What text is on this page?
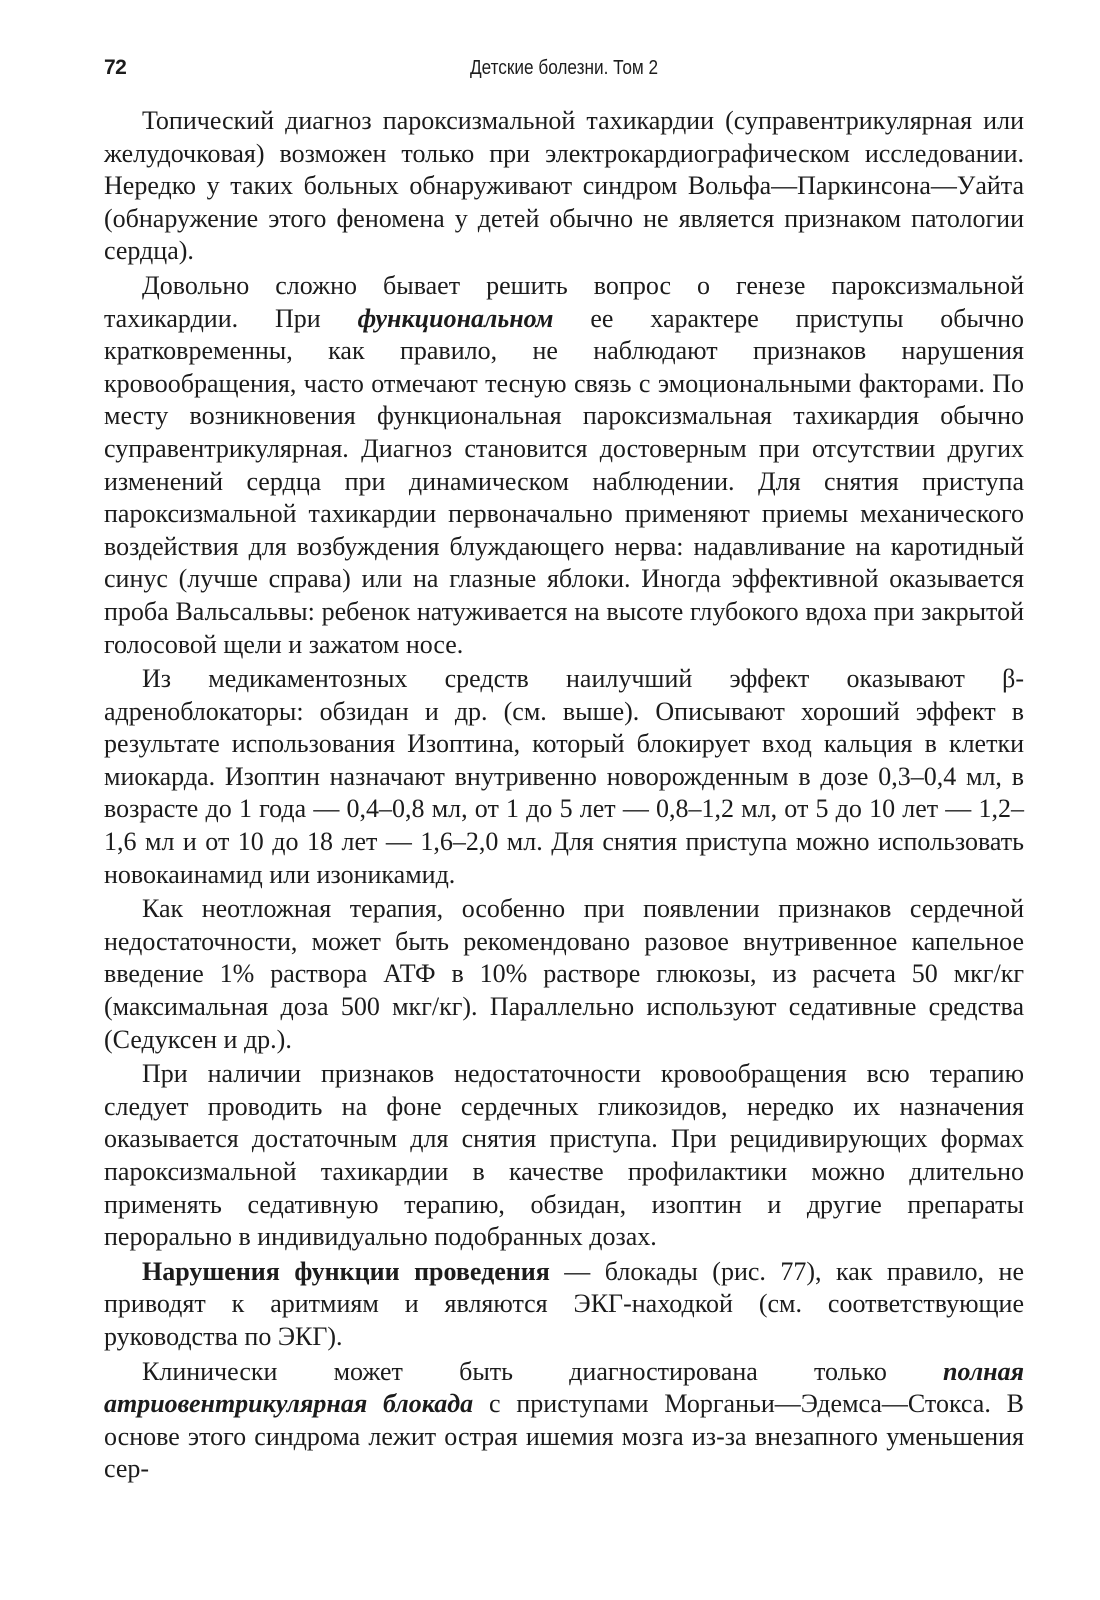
72	Детские болезни. Том 2

Топический диагноз пароксизмальной тахикардии (суправентрикулярная или желудочковая) возможен только при электрокардиографическом исследовании. Нередко у таких больных обнаруживают синдром Вольфа—Паркинсона—Уайта (обнаружение этого феномена у детей обычно не является признаком патологии сердца).

Довольно сложно бывает решить вопрос о генезе пароксизмальной тахикардии. При функциональном ее характере приступы обычно кратковременны, как правило, не наблюдают признаков нарушения кровообращения, часто отмечают тесную связь с эмоциональными факторами. По месту возникновения функциональная пароксизмальная тахикардия обычно суправентрикулярная. Диагноз становится достоверным при отсутствии других изменений сердца при динамическом наблюдении. Для снятия приступа пароксизмальной тахикардии первоначально применяют приемы механического воздействия для возбуждения блуждающего нерва: надавливание на каротидный синус (лучше справа) или на глазные яблоки. Иногда эффективной оказывается проба Вальсальвы: ребенок натуживается на высоте глубокого вдоха при закрытой голосовой щели и зажатом носе.

Из медикаментозных средств наилучший эффект оказывают β-адреноблокаторы: обзидан и др. (см. выше). Описывают хороший эффект в результате использования Изоптина, который блокирует вход кальция в клетки миокарда. Изоптин назначают внутривенно новорожденным в дозе 0,3–0,4 мл, в возрасте до 1 года — 0,4–0,8 мл, от 1 до 5 лет — 0,8–1,2 мл, от 5 до 10 лет — 1,2–1,6 мл и от 10 до 18 лет — 1,6–2,0 мл. Для снятия приступа можно использовать новокаинамид или изоникамид.

Как неотложная терапия, особенно при появлении признаков сердечной недостаточности, может быть рекомендовано разовое внутривенное капельное введение 1% раствора АТФ в 10% растворе глюкозы, из расчета 50 мкг/кг (максимальная доза 500 мкг/кг). Параллельно используют седативные средства (Седуксен и др.).

При наличии признаков недостаточности кровообращения всю терапию следует проводить на фоне сердечных гликозидов, нередко их назначения оказывается достаточным для снятия приступа. При рецидивирующих формах пароксизмальной тахикардии в качестве профилактики можно длительно применять седативную терапию, обзидан, изоптин и другие препараты перорально в индивидуально подобранных дозах.

Нарушения функции проведения — блокады (рис. 77), как правило, не приводят к аритмиям и являются ЭКГ-находкой (см. соответствующие руководства по ЭКГ).

Клинически может быть диагностирована только полная атриовентрикулярная блокада с приступами Морганьи—Эдемса—Стокса. В основе этого синдрома лежит острая ишемия мозга из-за внезапного уменьшения сер-
